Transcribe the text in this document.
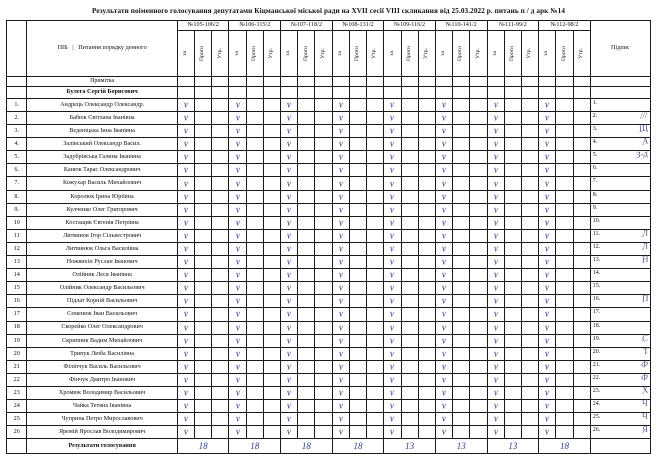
Результати поіменного голосування депутатами Кіцманської міської ради на XVII сесії VIII скликання від 25.03.2022 р. питань п / д арк №14
	ПІБ   |   Питання порядку денного	№105-106/2			№106-115/2			№107-118/2			№108-131/2			№109-116/2			№110-141/2			№111-99/2			№112-98/2			Підпис

		за	Проти	Утр.	за	Проти	Утр.	за	Проти	Утр.	за	Проти	Утр.	за	Проти	Утр.	за	Проти	Утр.	за	Проти	Утр.	за	Проти	Утр.	

	Примітка																									
	Булега Сергій Борисович																									
1.	Андрець Олександр Олександр.	v			v			v			v			v			v			v			v			1.

2.	Бабюк Світлана Іванівна	v			v			v			v			v			v			v			v			2. ///

3.	Веденіцька Іина Іванівна	v			v			v			v			v			v			v			v			3. Щ

4.	Залівський Олександр Васил.	v			v			v			v			v			v			v			v			4. А

5.	Задубрівська Галина Іванівна	v			v			v			v			v			v			v			v			5. З-д

6.	Канюк Тарас Олександрович	v			v			v			v			v			v			v			v			6.

7.	Кожухар Василь Михайлович	v			v			v			v			v			v			v			v			7.

8.	Королюк Ірина Юріївна	v			v			v			v			v			v			v			v			8.

9.	Кулченко Олег Григорович	v			v			v			v			v			v			v			v			9.

10	Костащик Євгенія Петрівна	v			v			v			v			v			v			v			v			10.

11	Литвинов Ігор Сільвестрович	v			v			v			v			v			v			v			v			11. Л

12	Литвинюк Ольга Василівна	v			v			v			v			v			v			v			v			12. Л

13	Ножвихін Руслан Іванович	v			v			v			v			v			v			v			v			13. Н

14	Олійник Леся Іванівна	v			v			v			v			v			v			v			v			14.

15	Олійник Олександр Васильович	v			v			v			v			v			v			v			v			15.

16	Підлат Корній Васильович	v			v			v			v			v			v			v			v			16. П

17	Семенюк Іван Васильович	v			v			v			v			v			v			v			v			17.

18	Скорейко Олег Олександрович	v			v			v			v			v			v			v			v			18.

19	Скрипник Вадим Михайлович	v			v			v			v			v			v			v			v			19. С

20	Трипук Люба Василівна	v			v			v			v			v			v			v			v			20. Т

21	Філіпчук Василь Васильович	v			v			v			v			v			v			v			v			21. Ф

22	Фінчук Дмитро Іванович	v			v			v			v			v			v			v			v			22. Ф

23	Хромюк Володимир Васильович	v			v			v			v			v			v			v			v			23. Х

24	Чайка Тетяна Іванівна	v			v			v			v			v			v			v			v			24. Ч

25	Чуприна Петро Мирославович	v			v			v			v			v			v			v			v			25. Ч

26	Яремій Ярослав Володимирович	v			v			v			v			v			v			v			v			26. Я

	Результати голосування	18			18			18			18			13			13			13			18			
